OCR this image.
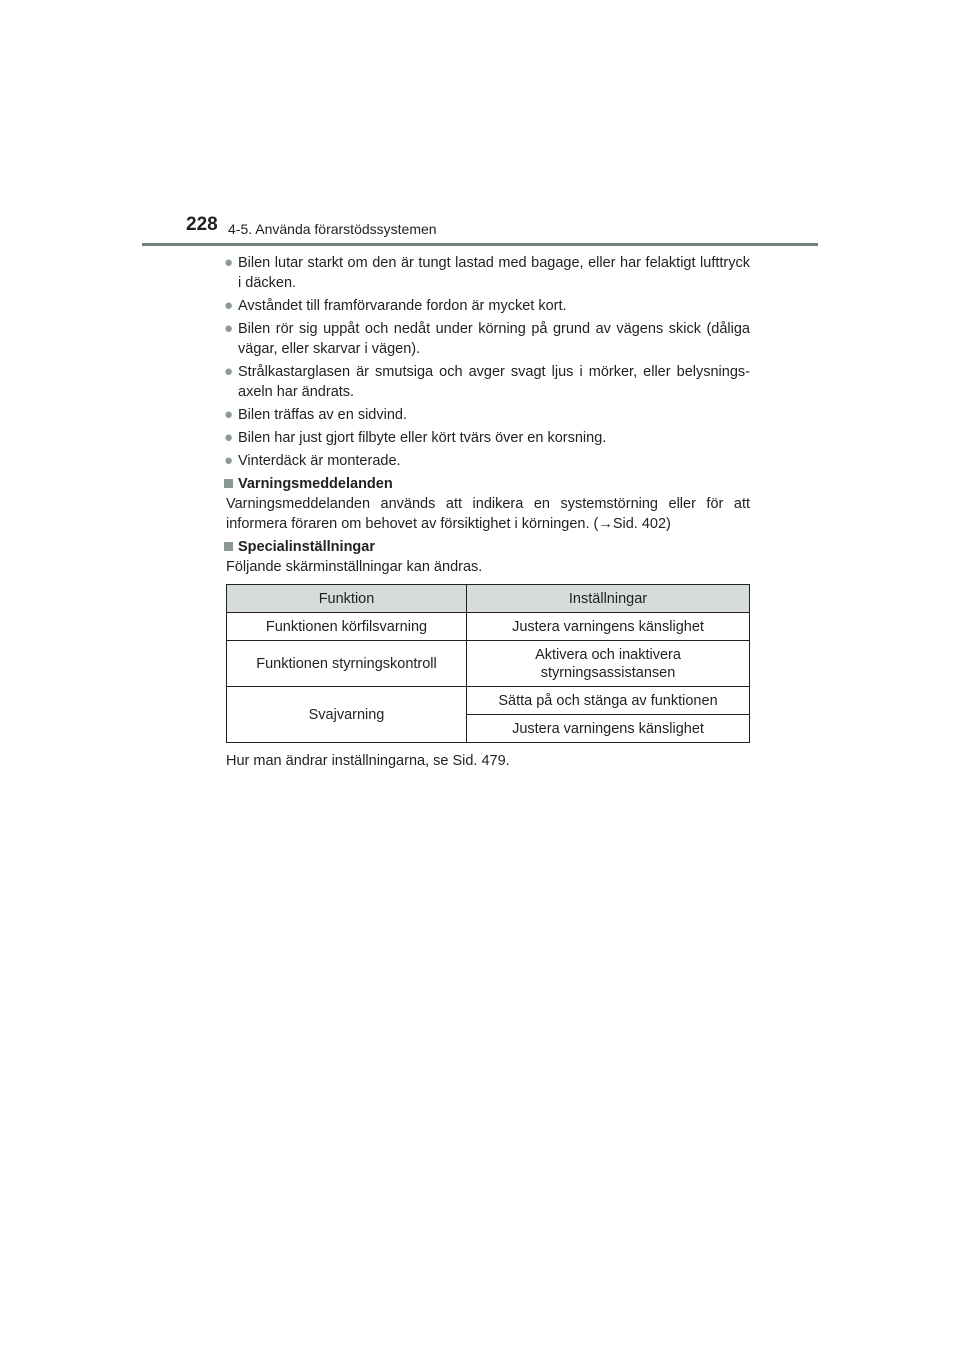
228 4-5. Använda förarstödssystemen
● Bilen lutar starkt om den är tungt lastad med bagage, eller har felaktigt lufttryck i däcken.
● Avståndet till framförvarande fordon är mycket kort.
● Bilen rör sig uppåt och nedåt under körning på grund av vägens skick (dåliga vägar, eller skarvar i vägen).
● Strålkastarglasen är smutsiga och avger svagt ljus i mörker, eller belysningsaxeln har ändrats.
● Bilen träffas av en sidvind.
● Bilen har just gjort filbyte eller kört tvärs över en korsning.
● Vinterdäck är monterade.
Varningsmeddelanden

Varningsmeddelanden används att indikera en systemstörning eller för att informera föraren om behovet av försiktighet i körningen. (→Sid. 402)

Specialinställningar

Följande skärminställningar kan ändras.

Funktion	Inställningar
Funktionen körfilsvarning	Justera varningens känslighet
Funktionen styrningskontroll	Aktivera och inaktivera styrningsassistansen
Svajvarning	Sätta på och stänga av funktionen
	Justera varningens känslighet

Hur man ändrar inställningarna, se Sid. 479.
